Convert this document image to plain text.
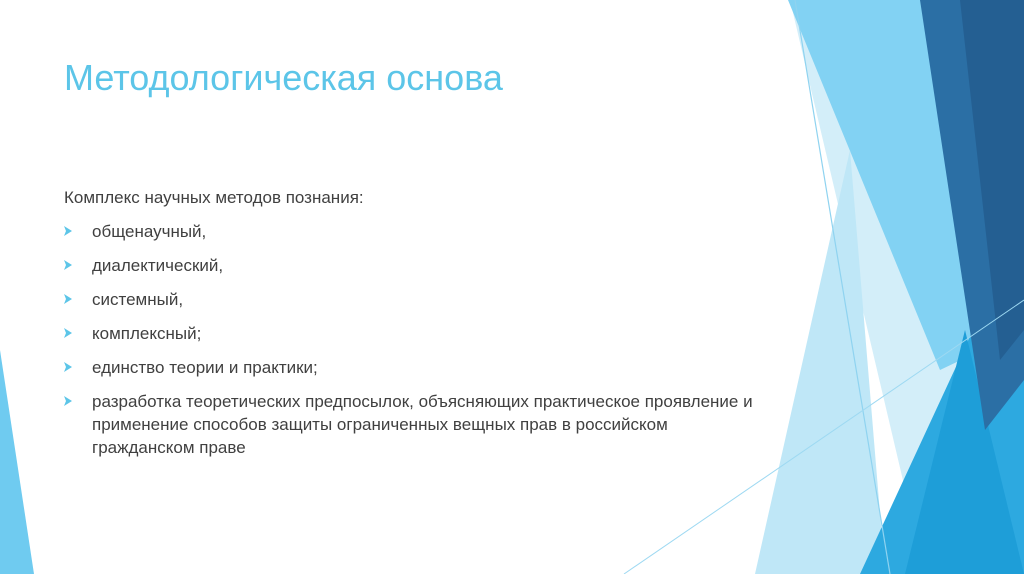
Методологическая основа

Комплекс научных методов познания:

общенаучный,
диалектический,
системный,
комплексный;
единство теории и практики;
разработка теоретических предпосылок, объясняющих практическое проявление и применение способов защиты ограниченных вещных прав в российском гражданском праве
